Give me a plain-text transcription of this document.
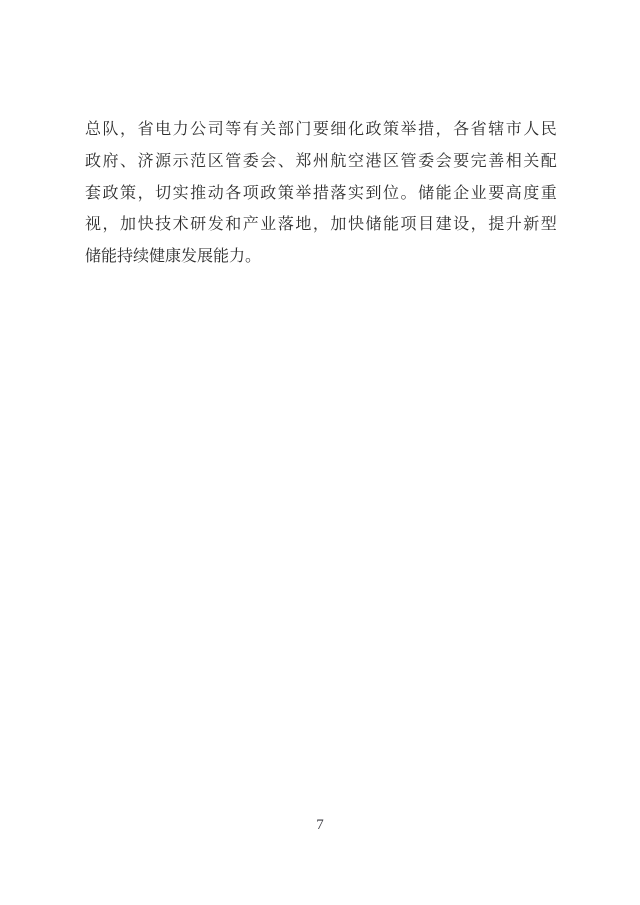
总队，省电力公司等有关部门要细化政策举措，各省辖市人民
政府、济源示范区管委会、郑州航空港区管委会要完善相关配
套政策，切实推动各项政策举措落实到位。储能企业要高度重
视，加快技术研发和产业落地，加快储能项目建设，提升新型
储能持续健康发展能力。
7
